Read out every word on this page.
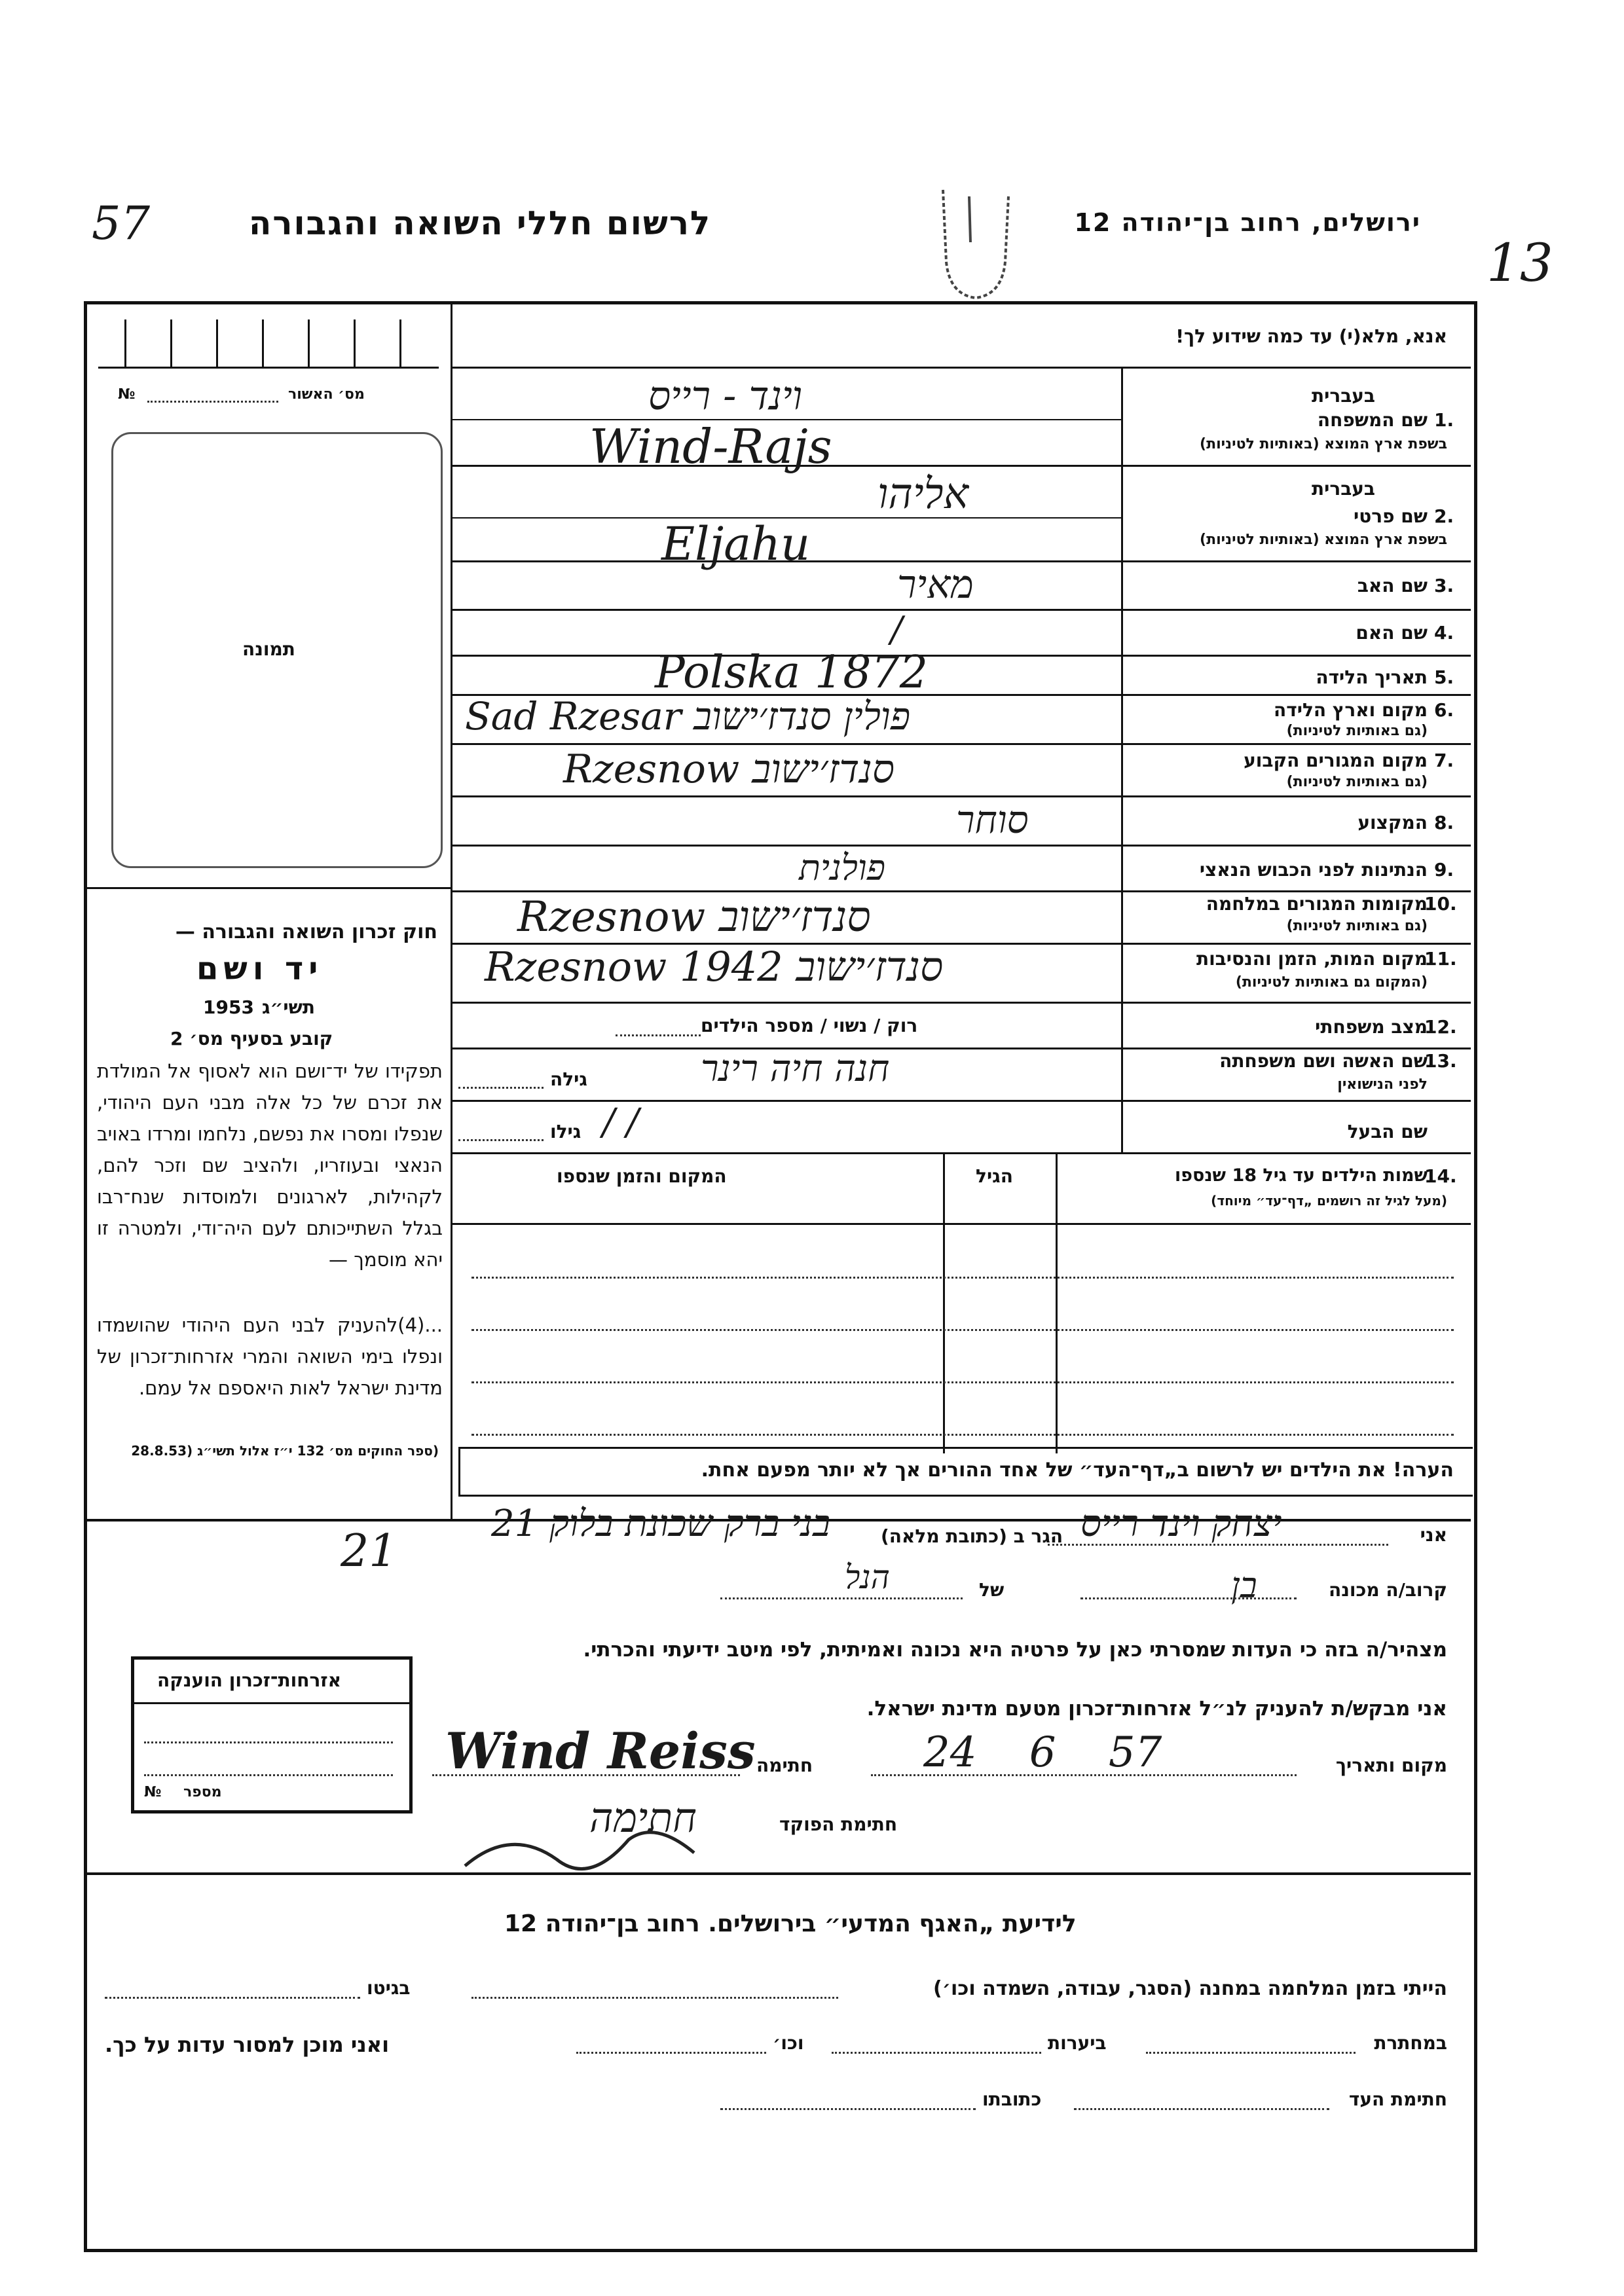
ירושלים, רחוב בן־יהודה 12
לרשום חללי השואה והגבורה
57
13
אנא, מלא(י) עד כמה שידוע לך!
מס׳ האשור
№
תמונה
בעברית
שם המשפחה 1.
בשפת ארץ המוצא (באותיות לטיניות)
וינד - רייס
Wind-Rajs
בעברית
שם פרטי 2.
בשפת ארץ המוצא (באותיות לטיניות)
אליהו
Eljahu
שם האב 3.
מאיר
שם האם 4.
/
תאריך הלידה 5.
Polska 1872
מקום וארץ הלידה 6.
(גם באותיות לטיניות)
Sad Rzesar פולין סנדז׳ישוב
מקום המגורים הקבוע 7.
(גם באותיות לטיניות)
Rzesnow סנדז׳ישוב
המקצוע 8.
סוחר
הנתינות לפני הכבוש הנאצי 9.
פולנית
מקומות המגורים במלחמה
10.
(גם באותיות לטיניות)
Rzesnow סנדז׳ישוב
מקום המות, הזמן והנסיבות
11.
(המקום גם באותיות לטיניות)
Rzesnow סנדז׳ישוב 1942
מצב משפחתי
12.
רוק / נשוי / מספר הילדים
שם האשה ושם משפחתה
13.
לפני הנישואין
גילה	חנה חיה רינר
שם הבעל
גילו / /
שמות הילדים עד גיל 18 שנספו
14.
(מעל לגיל זה רושמים „דף־עד״ מיוחד)
הגיל
המקום והזמן שנספו
הערה! את הילדים יש לרשום ב„דף־העד״ של אחד ההורים אך לא יותר מפעם אחת.
חוק זכרון השואה והגבורה —
יד ושם
תשי״ג
1953
קובע בסעיף מס׳ 2
תפקידו של יד־ושם הוא לאסוף אל המולדת את זכרם של כל אלה מבני העם היהודי, שנפלו ומסרו את נפשם, נלחמו ומרדו באויב הנאצי ובעוזריו, ולהציב שם וזכר להם, לקהילות, לארגונים ולמוסדות שנח־רבו בגלל השתייכותם לעם היה־ודי, ולמטרה זו יהא מוסמך —
...(4)להעניק לבני העם היהודי שהושמדו ונפלו בימי השואה והמרי אזרחות־זכרון של מדינת ישראל לאות היאספם אל עמם.
(ספר החוקים מס׳ 132 י״ז אלול תשי״ג (28.8.53
אני
יצחק וינד רייס
הגר ב (כתובת מלאה)
בני ברק שכונת בלוק 21
21
קרוב/ה מכונה
בן
של
הנל
מצהיר/ה בזה כי העדות שמסרתי כאן על פרטיה היא נכונה ואמיתית, לפי מיטב ידיעתי והכרתי.
אני מבקש/ת להעניק לנ״ל אזרחות־זכרון מטעם מדינת ישראל.
מקום ותאריך
24 6 57
חתימה
Wind Reiss
חתימת הפוקד
חתימה
אזרחות־זכרון הוענקה
מספר
№
לידיעת „האגף המדעי״ בירושלים. רחוב בן־יהודה 12
הייתי בזמן המלחמה במחנה (הסגר, עבודה, השמדה וכו׳)
בגיטו
במחתרת
ביערות
וכו׳
ואני מוכן למסור עדות על כך.
חתימת העד
כתובתו
